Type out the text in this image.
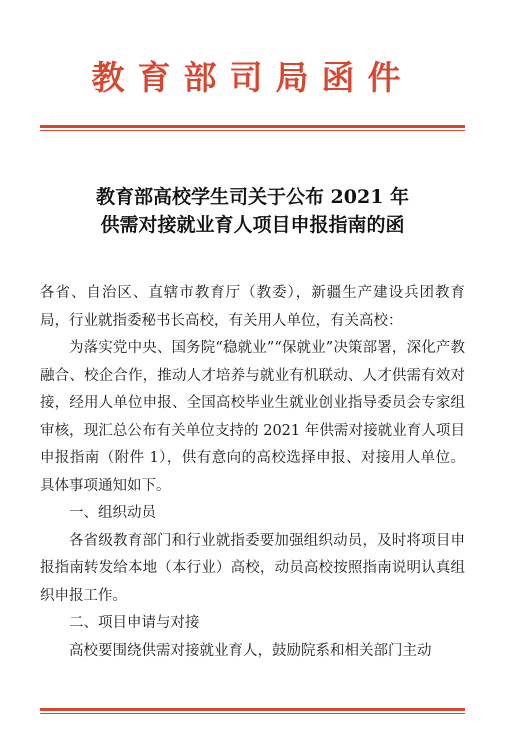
教育部司局函件
教育部高校学生司关于公布 2021 年
供需对接就业育人项目申报指南的函

各省、自治区、直辖市教育厅（教委），新疆生产建设兵团教育局，行业就指委秘书长高校，有关用人单位，有关高校：

为落实党中央、国务院“稳就业”“保就业”决策部署，深化产教融合、校企合作，推动人才培养与就业有机联动、人才供需有效对接，经用人单位申报、全国高校毕业生就业创业指导委员会专家组审核，现汇总公布有关单位支持的 2021 年供需对接就业育人项目申报指南（附件 1），供有意向的高校选择申报、对接用人单位。具体事项通知如下。

一、组织动员

各省级教育部门和行业就指委要加强组织动员，及时将项目申报指南转发给本地（本行业）高校，动员高校按照指南说明认真组织申报工作。

二、项目申请与对接

高校要围绕供需对接就业育人，鼓励院系和相关部门主动
